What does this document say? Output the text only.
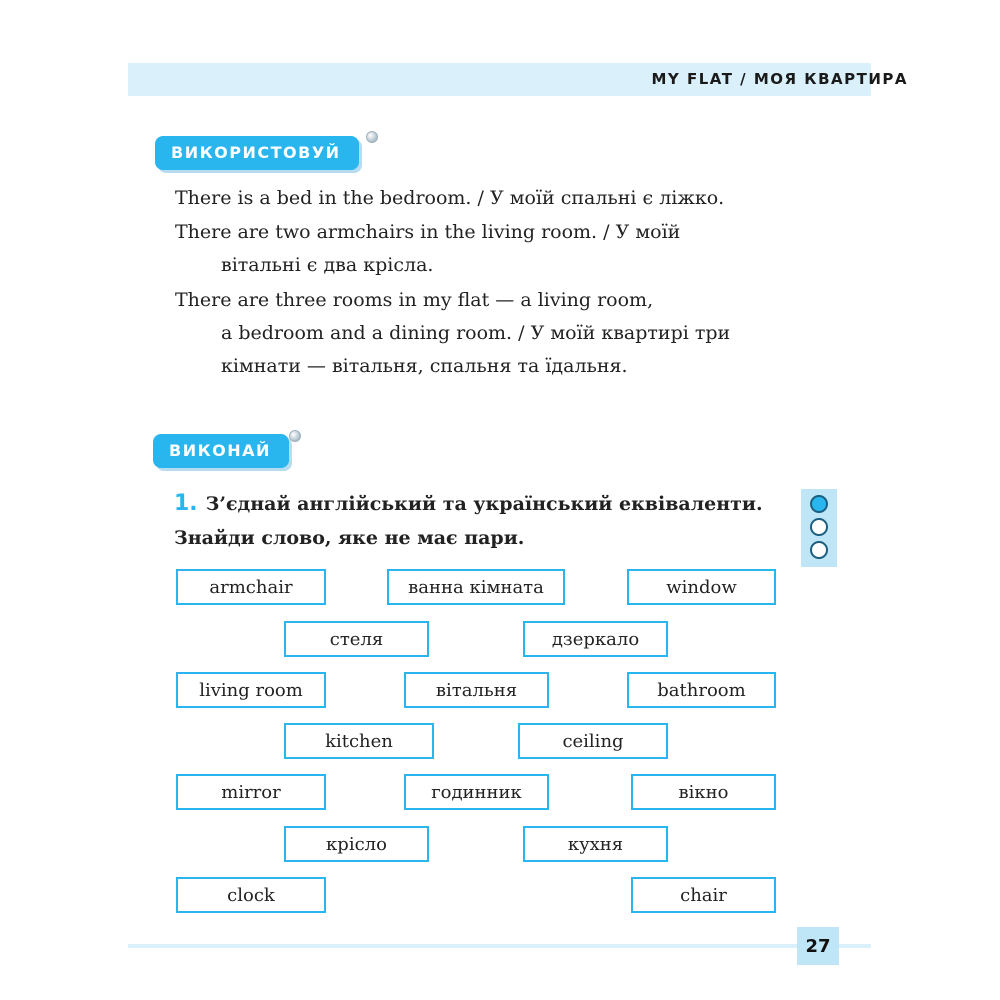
MY FLAT / МОЯ КВАРТИРА
ВИКОРИСТОВУЙ
There is a bed in the bedroom. / У моїй спальні є ліжко.
There are two armchairs in the living room. / У моїй
вітальні є два крісла.
There are three rooms in my flat — a living room,
a bedroom and a dining room. / У моїй квартирі три
кімнати — вітальня, спальня та їдальня.
ВИКОНАЙ
1. З’єднай англійський та український еквіваленти. Знайди слово, яке не має пари.
armchair	ванна кімната	window
стеля	дзеркало
living room	вітальня	bathroom
kitchen	ceiling
mirror	годинник	вікно
крісло	кухня
clock	chair
27
